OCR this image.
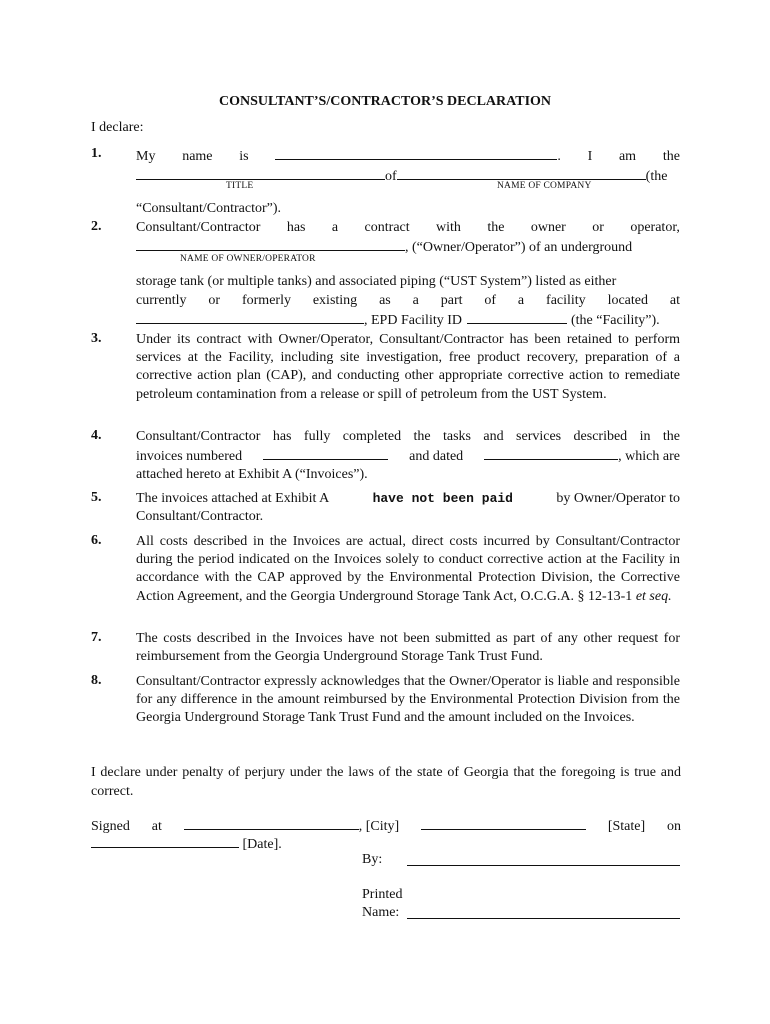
CONSULTANT’S/CONTRACTOR’S DECLARATION
I declare:
1. My name is	. I am the
of	(the
“Consultant/Contractor”).
TITLE	NAME OF COMPANY
2. Consultant/Contractor has a contract with the owner or operator,
, (“Owner/Operator”) of an underground
storage tank (or multiple tanks) and associated piping (“UST System”) listed as either
currently or formerly existing as a part of a facility located at
, EPD Facility ID	(the “Facility”).
NAME OF OWNER/OPERATOR
3. Under its contract with Owner/Operator, Consultant/Contractor has been retained to perform services at the Facility, including site investigation, free product recovery, preparation of a corrective action plan (CAP), and conducting other appropriate corrective action to remediate petroleum contamination from a release or spill of petroleum from the UST System.
4. Consultant/Contractor has fully completed the tasks and services described in the
invoices numbered	and dated	, which are
attached hereto at Exhibit A (“Invoices”).
5. The invoices attached at Exhibit A	have not been paid	by Owner/Operator to
Consultant/Contractor.
6. All costs described in the Invoices are actual, direct costs incurred by Consultant/Contractor during the period indicated on the Invoices solely to conduct corrective action at the Facility in accordance with the CAP approved by the Environmental Protection Division, the Corrective Action Agreement, and the Georgia Underground Storage Tank Act, O.C.G.A. § 12-13-1 et seq.
7. The costs described in the Invoices have not been submitted as part of any other request for reimbursement from the Georgia Underground Storage Tank Trust Fund.
8. Consultant/Contractor expressly acknowledges that the Owner/Operator is liable and responsible for any difference in the amount reimbursed by the Environmental Protection Division from the Georgia Underground Storage Tank Trust Fund and the amount included on the Invoices.
I declare under penalty of perjury under the laws of the state of Georgia that the foregoing is true and correct.
Signed at	, [City]	[State] on
[Date].
By:
Printed
Name:
